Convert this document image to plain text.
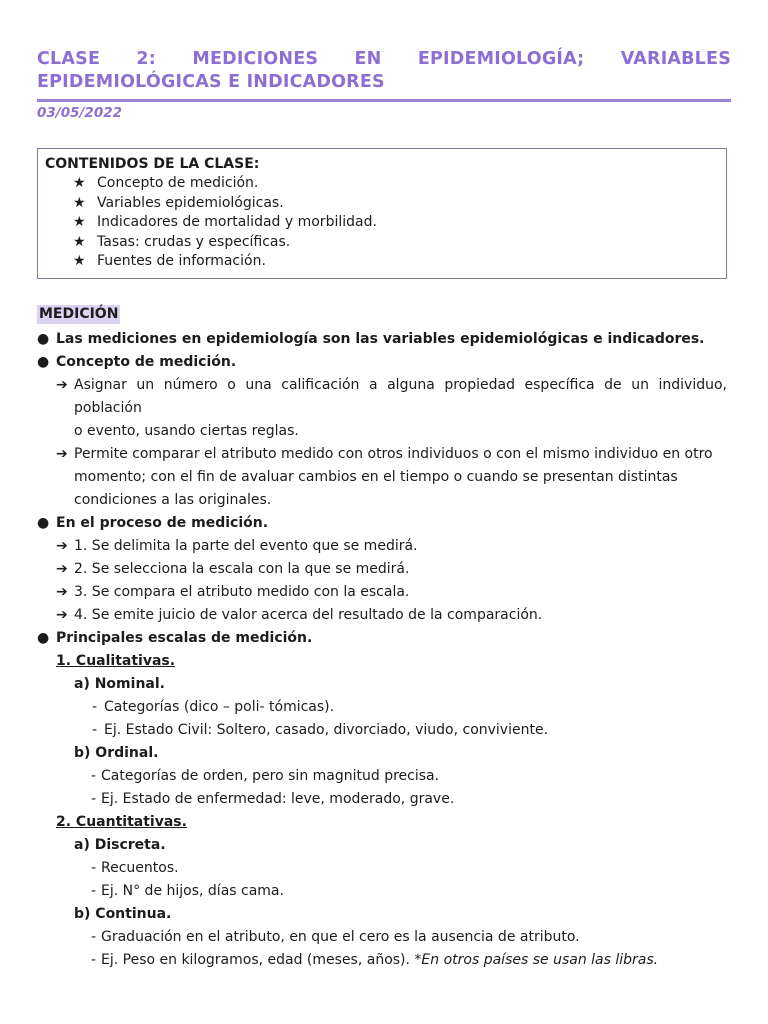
CLASE 2: MEDICIONES EN EPIDEMIOLOGÍA; VARIABLES EPIDEMIOLÓGICAS E INDICADORES
03/05/2022
CONTENIDOS DE LA CLASE:
★ Concepto de medición.
★ Variables epidemiológicas.
★ Indicadores de mortalidad y morbilidad.
★ Tasas: crudas y específicas.
★ Fuentes de información.
MEDICIÓN
● Las mediciones en epidemiología son las variables epidemiológicas e indicadores.
● Concepto de medición.
➔ Asignar un número o una calificación a alguna propiedad específica de un individuo, población
o evento, usando ciertas reglas.
➔ Permite comparar el atributo medido con otros individuos o con el mismo individuo en otro
momento; con el fin de avaluar cambios en el tiempo o cuando se presentan distintas
condiciones a las originales.
● En el proceso de medición.
➔ 1. Se delimita la parte del evento que se medirá.
➔ 2. Se selecciona la escala con la que se medirá.
➔ 3. Se compara el atributo medido con la escala.
➔ 4. Se emite juicio de valor acerca del resultado de la comparación.
● Principales escalas de medición.
1. Cualitativas.
a) Nominal.
- Categorías (dico – poli- tómicas).
- Ej. Estado Civil: Soltero, casado, divorciado, viudo, conviviente.
b) Ordinal.
- Categorías de orden, pero sin magnitud precisa.
- Ej. Estado de enfermedad: leve, moderado, grave.
2. Cuantitativas.
a) Discreta.
- Recuentos.
- Ej. N° de hijos, días cama.
b) Continua.
- Graduación en el atributo, en que el cero es la ausencia de atributo.
- Ej. Peso en kilogramos, edad (meses, años). *En otros países se usan las libras.
